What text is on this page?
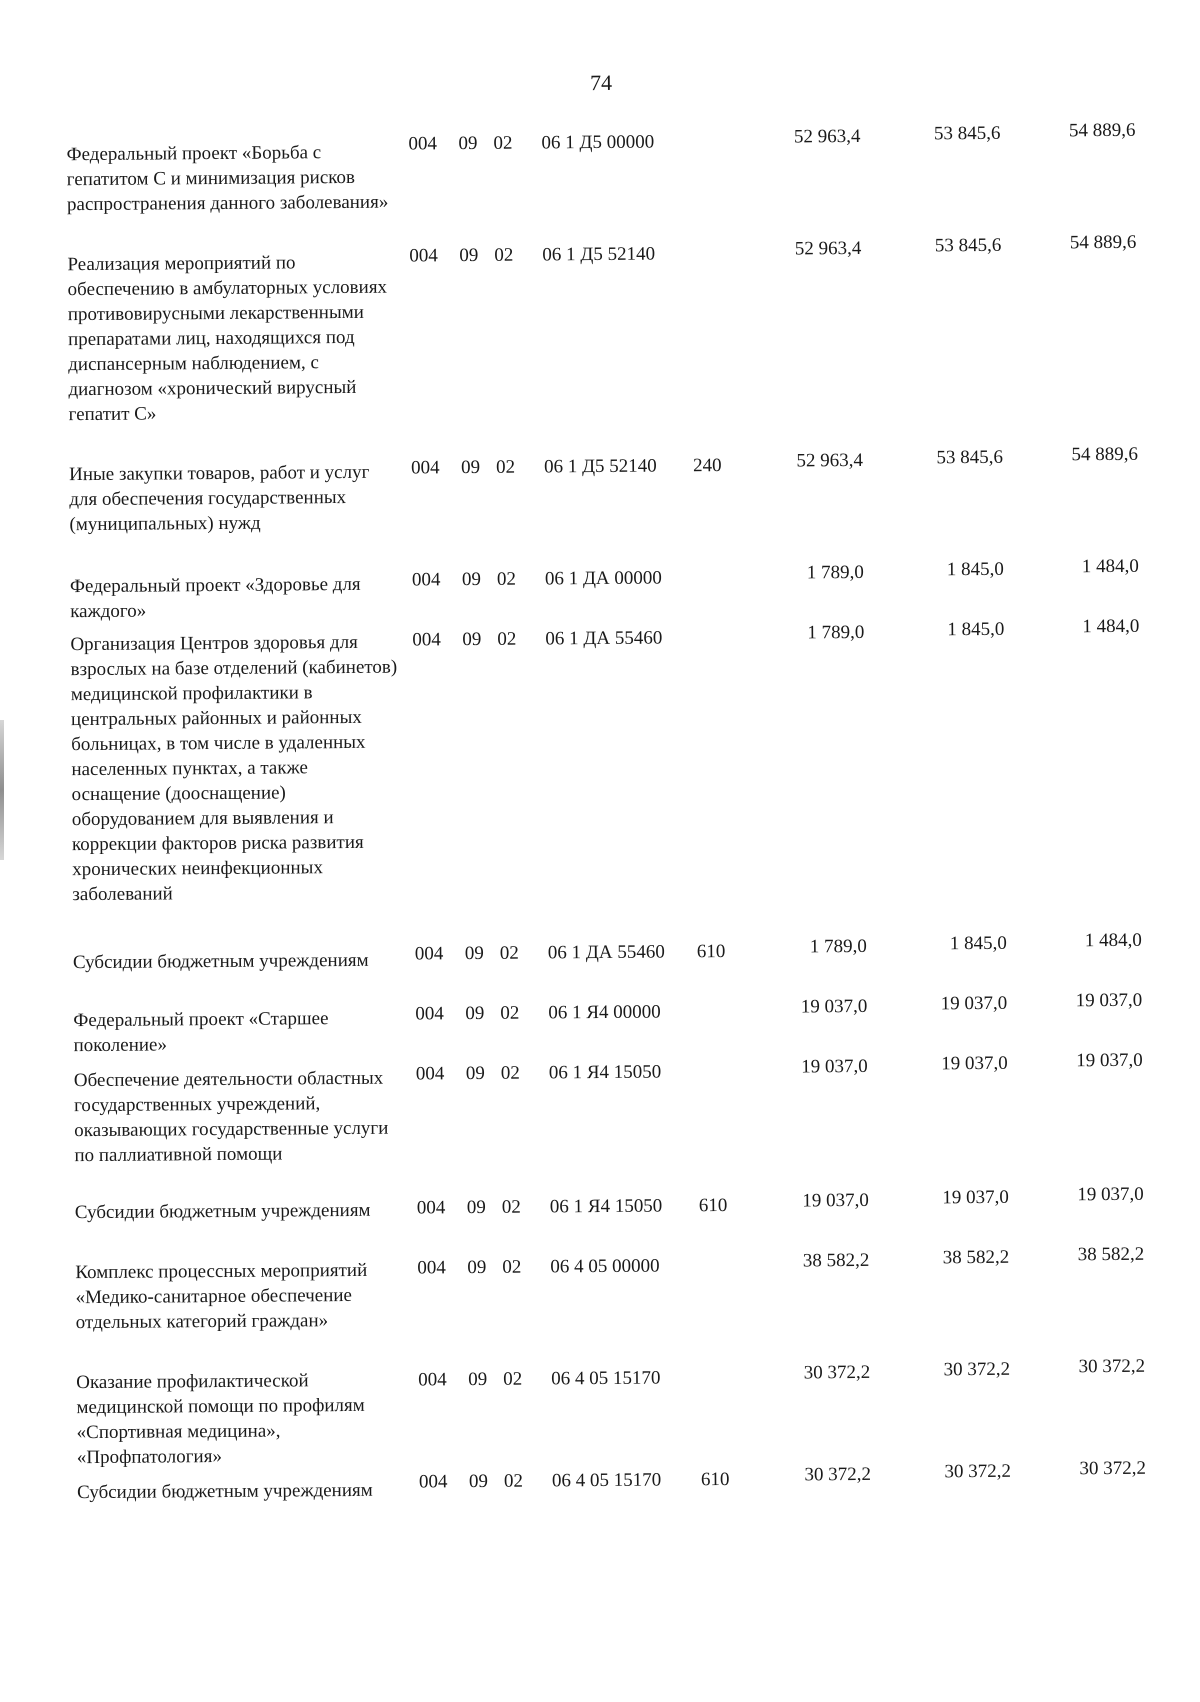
74
Федеральный проект «Борьба с гепатитом С и минимизация рисков распространения данного заболевания»
004 09 02 06 1 Д5 00000	52 963,4	53 845,6	54 889,6
Реализация мероприятий по обеспечению в амбулаторных условиях противовирусными лекарственными препаратами лиц, находящихся под диспансерным наблюдением, с диагнозом «хронический вирусный гепатит С»
004 09 02 06 1 Д5 52140	52 963,4	53 845,6	54 889,6
Иные закупки товаров, работ и услуг для обеспечения государственных (муниципальных) нужд
004 09 02 06 1 Д5 52140 240	52 963,4	53 845,6	54 889,6
Федеральный проект «Здоровье для каждого»
004 09 02 06 1 ДА 00000	1 789,0	1 845,0	1 484,0
Организация Центров здоровья для взрослых на базе отделений (кабинетов) медицинской профилактики в центральных районных и районных больницах, в том числе в удаленных населенных пунктах, а также оснащение (дооснащение) оборудованием для выявления и коррекции факторов риска развития хронических неинфекционных заболеваний
004 09 02 06 1 ДА 55460	1 789,0	1 845,0	1 484,0
Субсидии бюджетным учреждениям	004 09 02 06 1 ДА 55460 610	1 789,0	1 845,0	1 484,0
Федеральный проект «Старшее поколение»
004 09 02 06 1 Я4 00000	19 037,0	19 037,0	19 037,0
Обеспечение деятельности областных государственных учреждений, оказывающих государственные услуги по паллиативной помощи
004 09 02 06 1 Я4 15050	19 037,0	19 037,0	19 037,0
Субсидии бюджетным учреждениям	004 09 02 06 1 Я4 15050 610	19 037,0	19 037,0	19 037,0
Комплекс процессных мероприятий «Медико-санитарное обеспечение отдельных категорий граждан»
004 09 02 06 4 05 00000	38 582,2	38 582,2	38 582,2
Оказание профилактической медицинской помощи по профилям «Спортивная медицина», «Профпатология»
004 09 02 06 4 05 15170	30 372,2	30 372,2	30 372,2
Субсидии бюджетным учреждениям	004 09 02 06 4 05 15170 610	30 372,2	30 372,2	30 372,2
